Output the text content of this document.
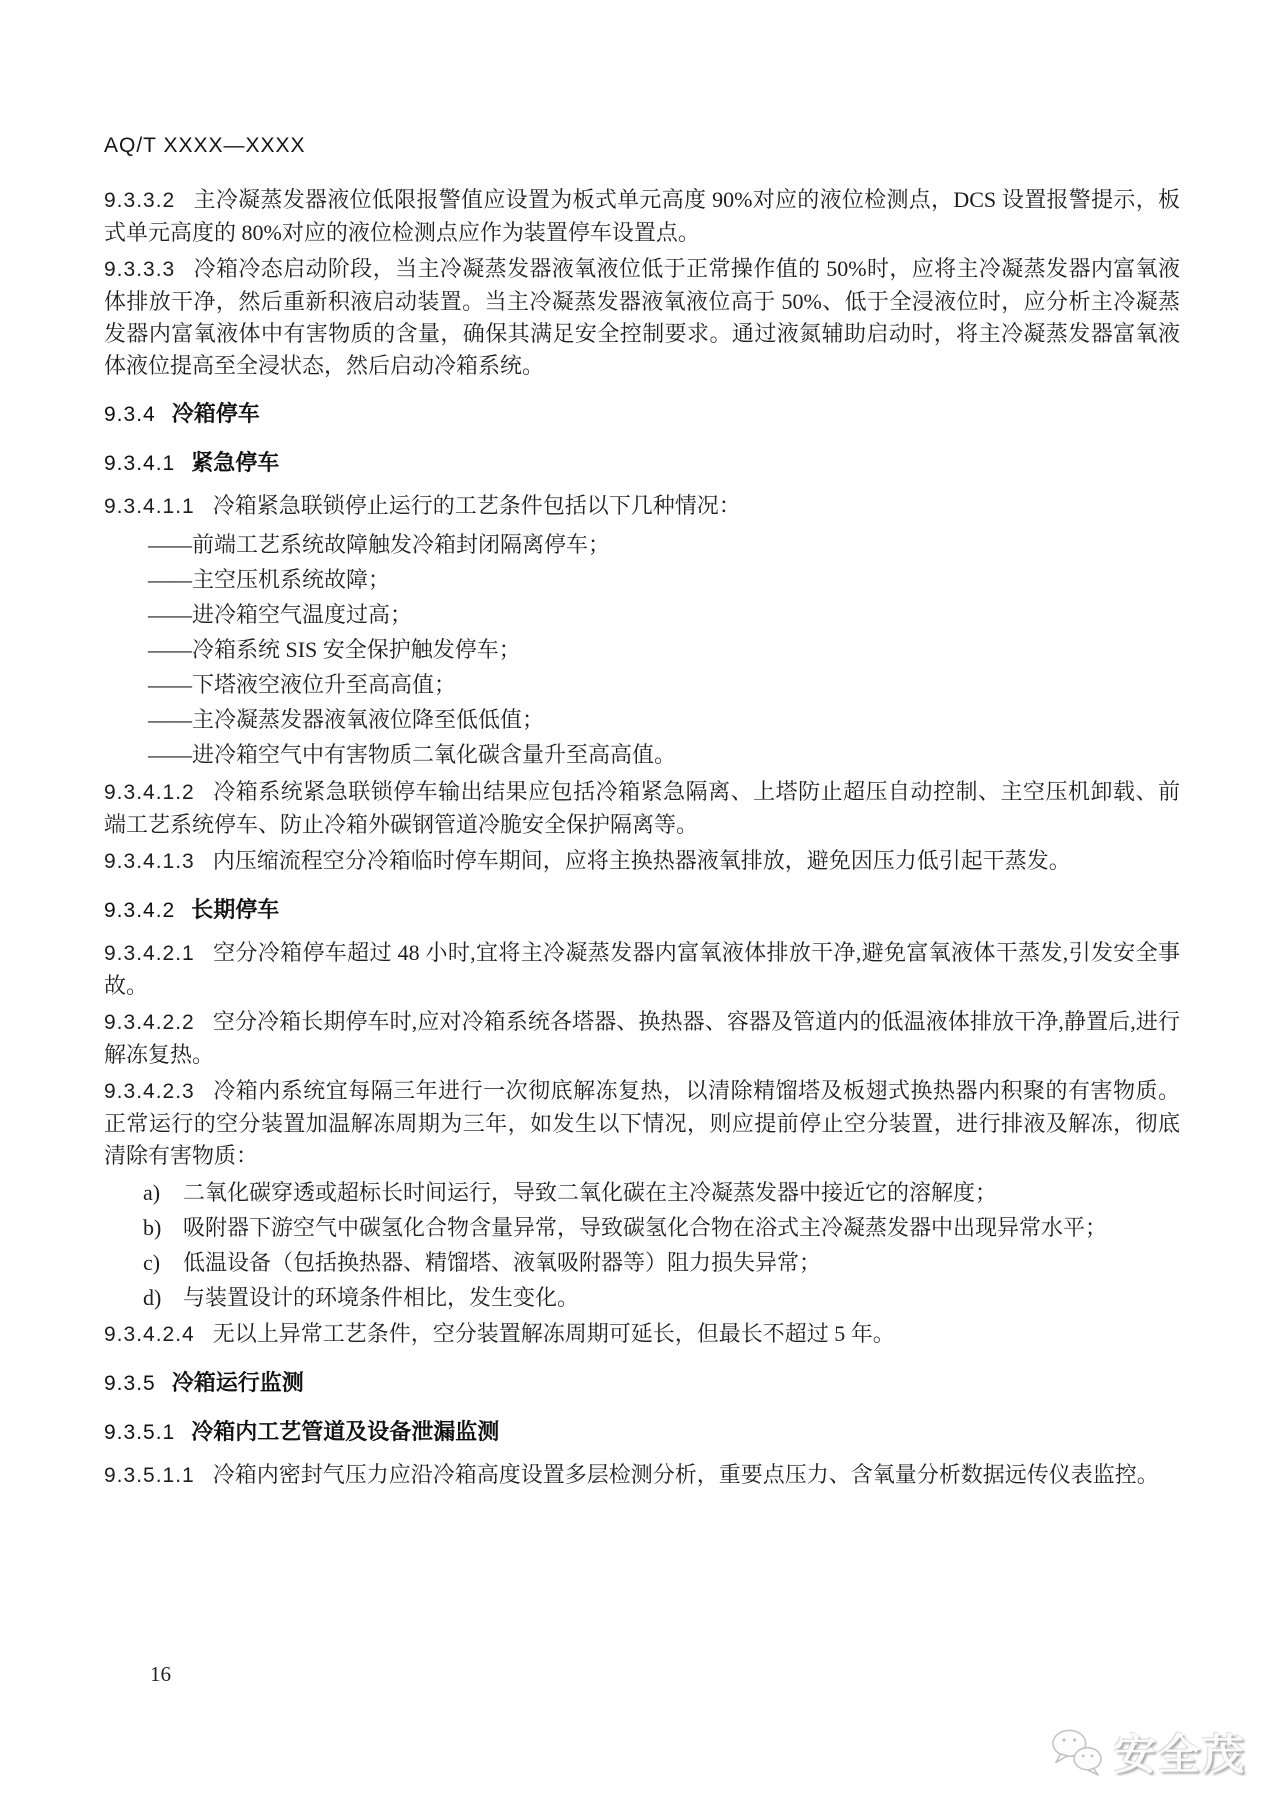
AQ/T XXXX—XXXX

9.3.3.2 主冷凝蒸发器液位低限报警值应设置为板式单元高度 90%对应的液位检测点，DCS 设置报警提示，板式单元高度的 80%对应的液位检测点应作为装置停车设置点。

9.3.3.3 冷箱冷态启动阶段，当主冷凝蒸发器液氧液位低于正常操作值的 50%时，应将主冷凝蒸发器内富氧液体排放干净，然后重新积液启动装置。当主冷凝蒸发器液氧液位高于 50%、低于全浸液位时，应分析主冷凝蒸发器内富氧液体中有害物质的含量，确保其满足安全控制要求。通过液氮辅助启动时，将主冷凝蒸发器富氧液体液位提高至全浸状态，然后启动冷箱系统。

9.3.4 冷箱停车
9.3.4.1 紧急停车

9.3.4.1.1 冷箱紧急联锁停止运行的工艺条件包括以下几种情况：

——前端工艺系统故障触发冷箱封闭隔离停车；
——主空压机系统故障；
——进冷箱空气温度过高；
——冷箱系统 SIS 安全保护触发停车；
——下塔液空液位升至高高值；
——主冷凝蒸发器液氧液位降至低低值；
——进冷箱空气中有害物质二氧化碳含量升至高高值。

9.3.4.1.2 冷箱系统紧急联锁停车输出结果应包括冷箱紧急隔离、上塔防止超压自动控制、主空压机卸载、前端工艺系统停车、防止冷箱外碳钢管道冷脆安全保护隔离等。

9.3.4.1.3 内压缩流程空分冷箱临时停车期间，应将主换热器液氧排放，避免因压力低引起干蒸发。

9.3.4.2 长期停车

9.3.4.2.1 空分冷箱停车超过 48 小时,宜将主冷凝蒸发器内富氧液体排放干净,避免富氧液体干蒸发,引发安全事故。

9.3.4.2.2 空分冷箱长期停车时,应对冷箱系统各塔器、换热器、容器及管道内的低温液体排放干净,静置后,进行解冻复热。

9.3.4.2.3 冷箱内系统宜每隔三年进行一次彻底解冻复热，以清除精馏塔及板翅式换热器内积聚的有害物质。正常运行的空分装置加温解冻周期为三年，如发生以下情况，则应提前停止空分装置，进行排液及解冻，彻底清除有害物质：

a)	二氧化碳穿透或超标长时间运行，导致二氧化碳在主冷凝蒸发器中接近它的溶解度；
b) 吸附器下游空气中碳氢化合物含量异常，导致碳氢化合物在浴式主冷凝蒸发器中出现异常水平；
c)	低温设备（包括换热器、精馏塔、液氧吸附器等）阻力损失异常；
d) 与装置设计的环境条件相比，发生变化。

9.3.4.2.4 无以上异常工艺条件，空分装置解冻周期可延长，但最长不超过 5 年。

9.3.5 冷箱运行监测
9.3.5.1 冷箱内工艺管道及设备泄漏监测

9.3.5.1.1 冷箱内密封气压力应沿冷箱高度设置多层检测分析，重要点压力、含氧量分析数据远传仪表监控。

16
安全茂
